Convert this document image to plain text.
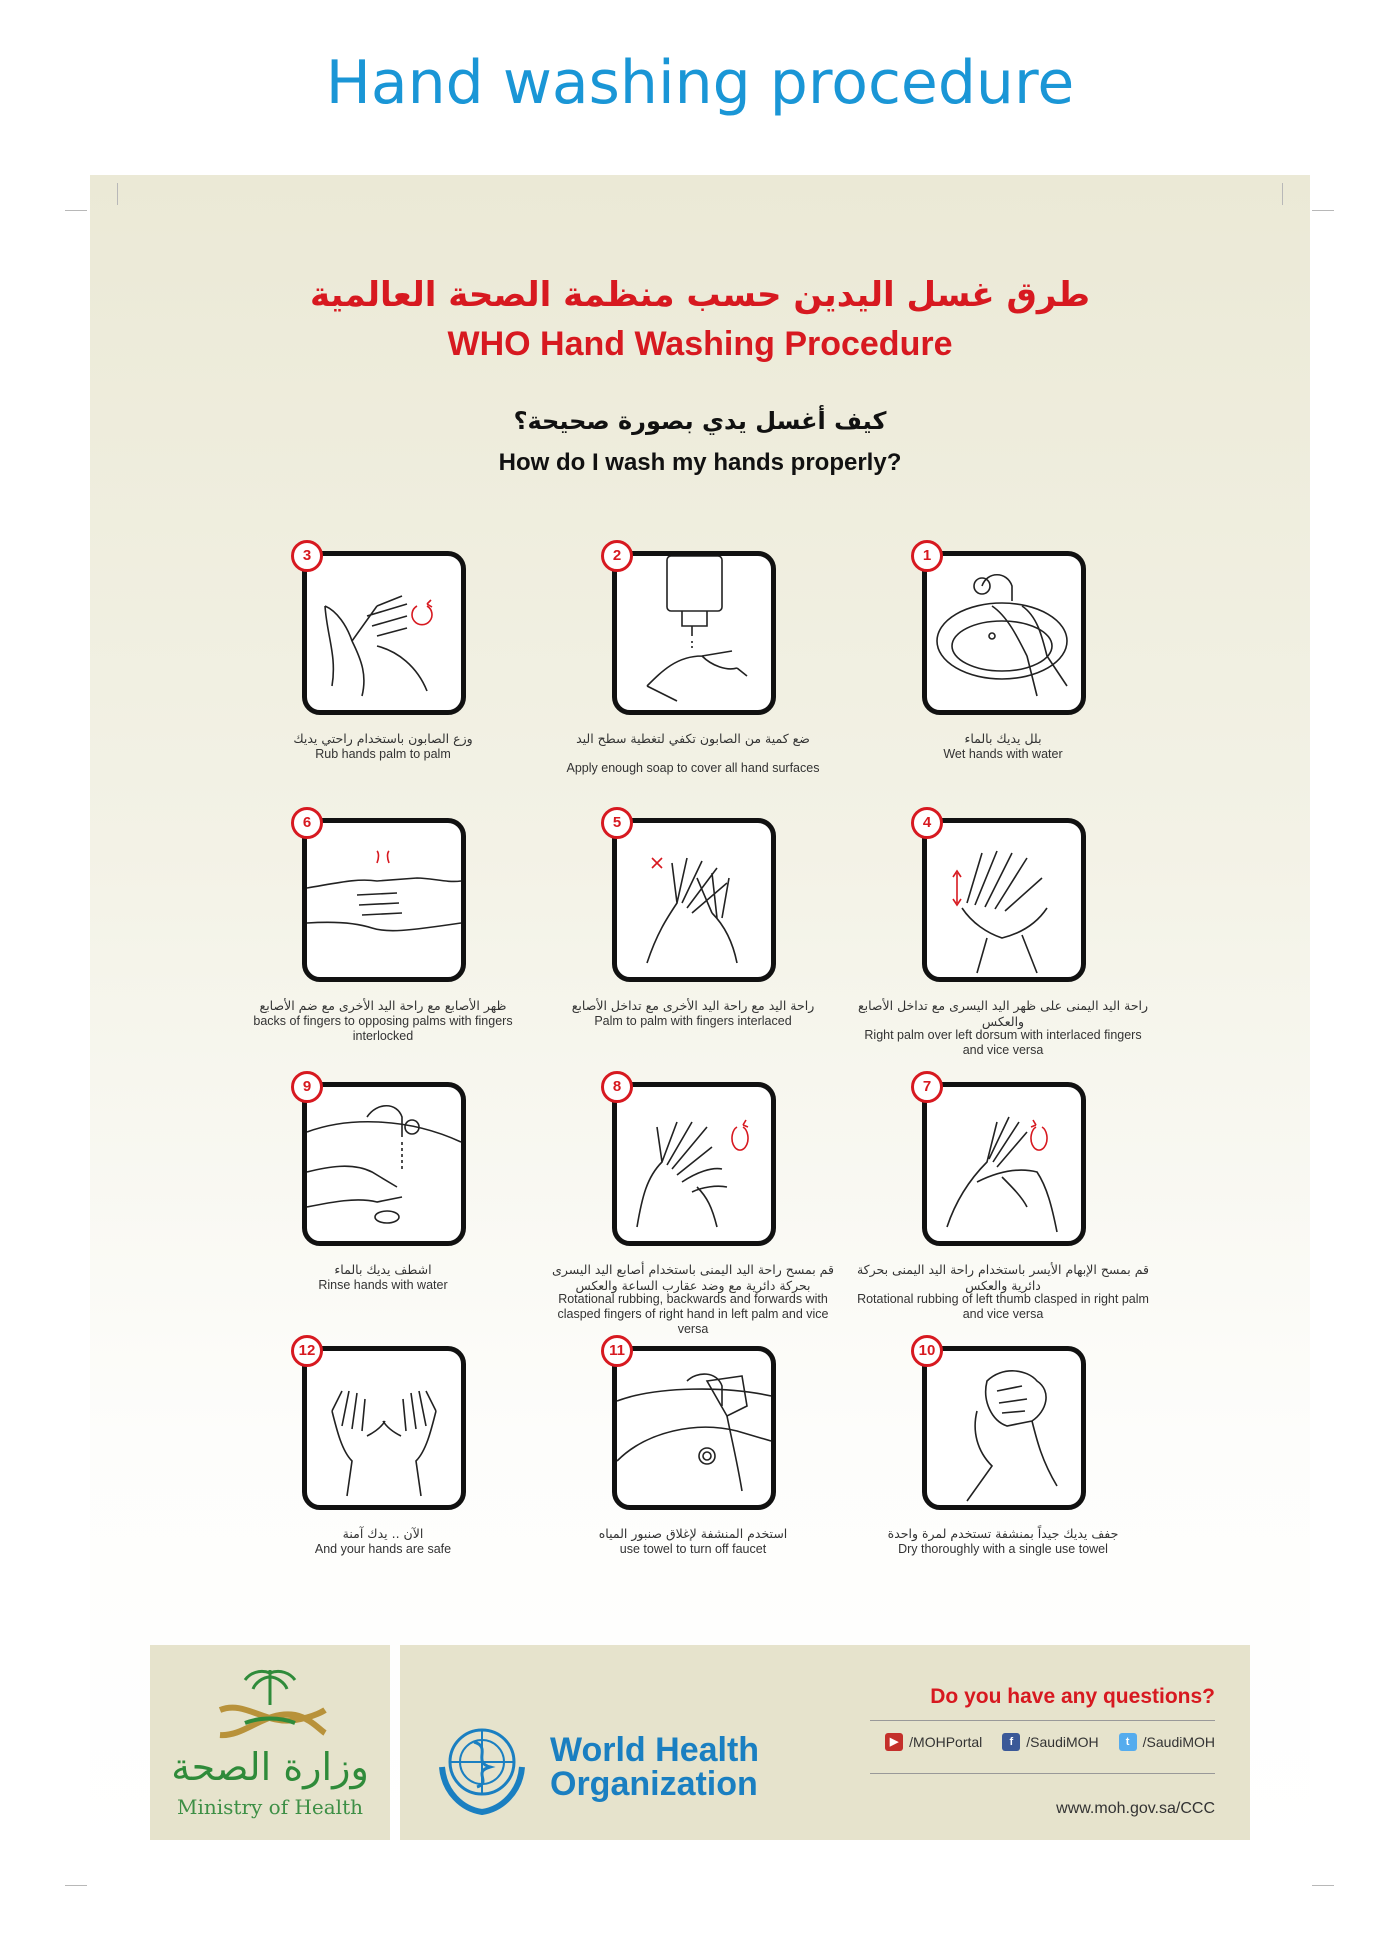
Hand washing procedure
طرق غسل اليدين حسب منظمة الصحة العالمية
WHO Hand Washing Procedure
كيف أغسل يدي بصورة صحيحة؟
How do I wash my hands properly?
3
وزع الصابون باستخدام راحتي يديك
Rub hands palm to palm
2
ضع كمية من الصابون تكفي لتغطية سطح اليد
Apply enough soap to cover all hand surfaces
1
بلل يديك بالماء
Wet hands with water
6
ظهر الأصابع مع راحة اليد الأخرى مع ضم الأصابع
backs of fingers to opposing palms with fingers interlocked
5
راحة اليد مع راحة اليد الأخرى مع تداخل الأصابع
Palm to palm with fingers interlaced
4
راحة اليد اليمنى على ظهر اليد اليسرى مع تداخل الأصابع والعكس
Right palm over left dorsum with interlaced fingers and vice versa
9
اشطف يديك بالماء
Rinse hands with water
8
قم بمسح راحة اليد اليمنى باستخدام أصابع اليد اليسرى بحركة دائرية مع وضد عقارب الساعة والعكس
Rotational rubbing, backwards and forwards with clasped fingers of right hand in left palm and vice versa
7
قم بمسح الإبهام الأيسر باستخدام راحة اليد اليمنى بحركة دائرية والعكس
Rotational rubbing of left thumb clasped in right palm and vice versa
12
الآن .. يدك آمنة
And your hands are safe
11
استخدم المنشفة لإغلاق صنبور المياه
use towel to turn off faucet
10
جفف يديك جيداً بمنشفة تستخدم لمرة واحدة
Dry thoroughly with a single use towel
وزارة الصحة
Ministry of Health
World Health
Organization
Do you have any questions?
▶ /MOHPortal	f /SaudiMOH	t /SaudiMOH
www.moh.gov.sa/CCC
